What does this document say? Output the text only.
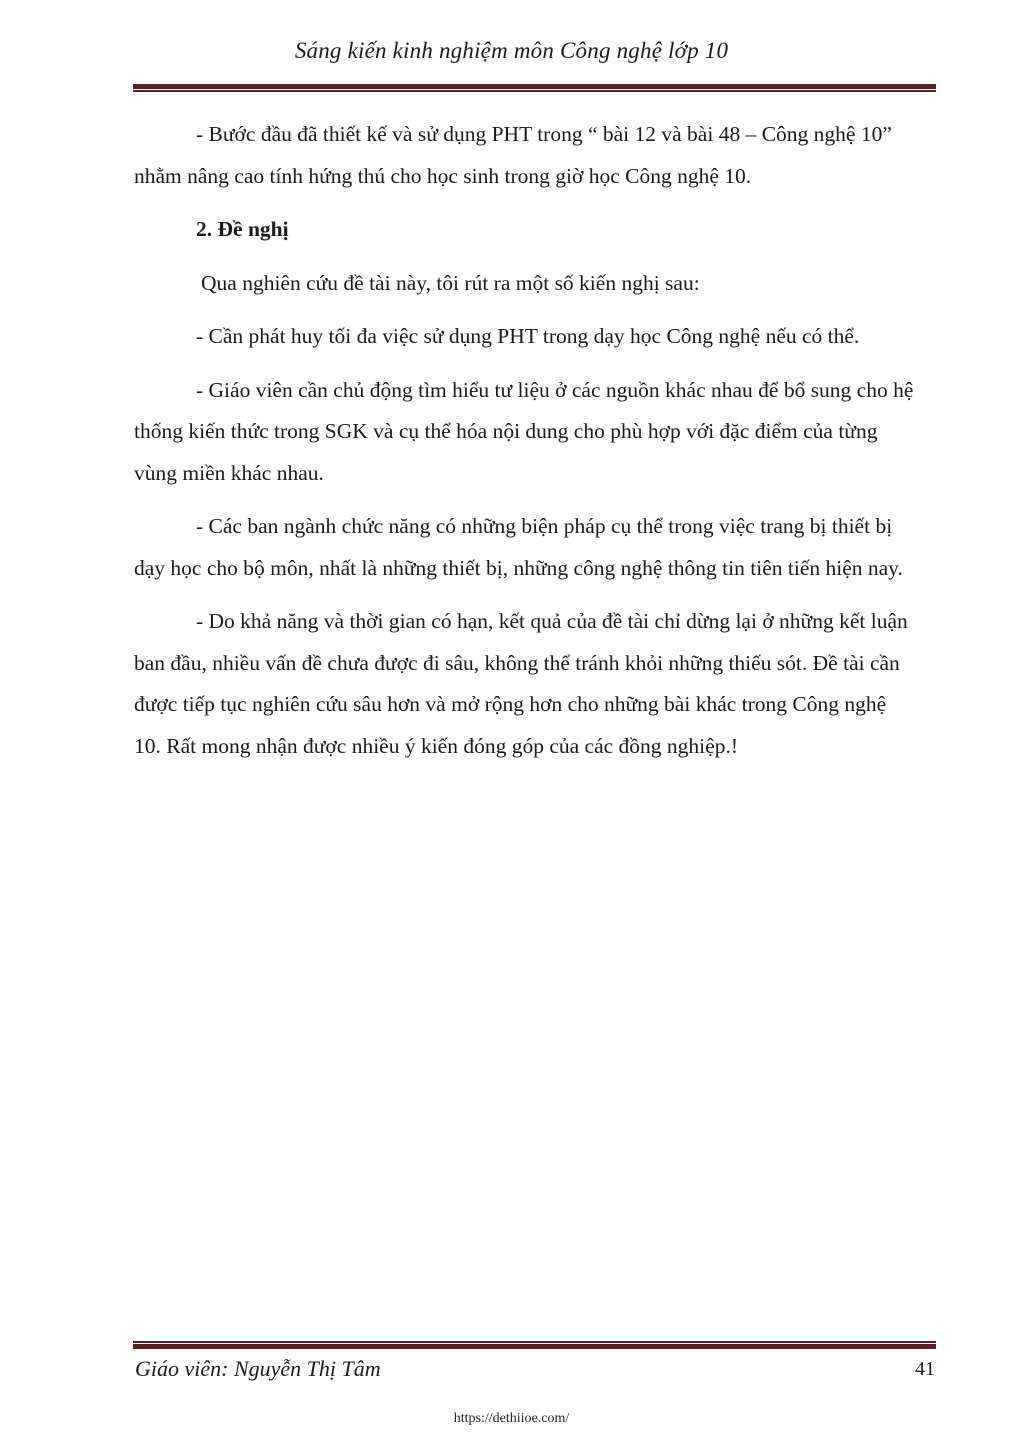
Sáng kiến kinh nghiệm môn Công nghệ lớp 10

- Bước đầu đã thiết kế và sử dụng PHT trong “ bài 12 và bài 48 – Công nghệ 10” nhằm nâng cao tính hứng thú cho học sinh trong giờ học Công nghệ 10.

2. Đề nghị

Qua nghiên cứu đề tài này, tôi rút ra một số kiến nghị sau:

- Cần phát huy tối đa việc sử dụng PHT trong dạy học Công nghệ nếu có thể.

- Giáo viên cần chủ động tìm hiểu tư liệu ở các nguồn khác nhau để bổ sung cho hệ thống kiến thức trong SGK và cụ thể hóa nội dung cho phù hợp với đặc điểm của từng vùng miền khác nhau.

- Các ban ngành chức năng có những biện pháp cụ thể trong việc trang bị thiết bị dạy học cho bộ môn, nhất là những thiết bị, những công nghệ thông tin tiên tiến hiện nay.

- Do khả năng và thời gian có hạn, kết quả của đề tài chỉ dừng lại ở những kết luận ban đầu, nhiều vấn đề chưa được đi sâu, không thể tránh khỏi những thiếu sót. Đề tài cần được tiếp tục nghiên cứu sâu hơn và mở rộng hơn cho những bài khác trong Công nghệ 10. Rất mong nhận được nhiều ý kiến đóng góp của các đồng nghiệp.!

Giáo viên: Nguyễn Thị Tâm	41
https://dethiioe.com/
